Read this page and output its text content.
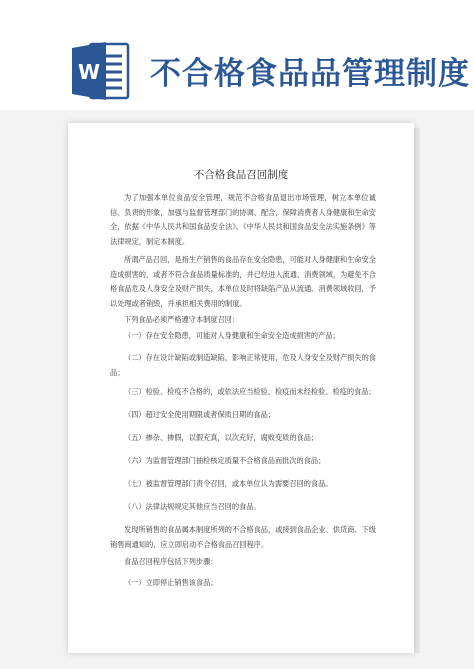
W 不合格食品品管理制度
不合格食品召回制度
为了加强本单位食品安全管理，规范不合格食品退出市场管理，树立本单位诚信、负责的形象，加强与监督管理部门的协调、配合，保障消费者人身健康和生命安全，依据《中华人民共和国食品安全法》、《中华人民共和国食品安全法实施条例》等法律规定，制定本制度。
所谓产品召回，是指生产销售的食品存在安全隐患，可能对人身健康和生命安全造成损害的，或者不符合食品质量标准的，并已经进入流通、消费领域，为避免不合格食品危及人身安全及财产损失，本单位及时将缺陷产品从流通、消费领域收回，予以处理或者销毁，并承担相关费用的制度。
下列食品必须严格遵守本制度召回：
（一）存在安全隐患，可能对人身健康和生命安全造成损害的产品；
（二）存在设计缺陷或制造缺陷，影响正常使用，危及人身安全及财产损失的食品；
（三）检验、检疫不合格的，或依法应当检验、检疫而未经检验、检疫的食品；
（四）超过安全使用期限或者保质日期的食品；
（五）掺杂、掺假，以假充真，以次充好，腐败变质的食品；
（六）为监督管理部门抽检核定质量不合格食品而批次的食品；
（七）被监督管理部门责令召回，或本单位认为需要召回的食品。
（八）法律法规规定其他应当召回的食品。
发现所销售的食品属本制度所列的不合格食品，或接到食品企业、供货商、下级销售商通知的，应立即启动不合格食品召回程序。
食品召回程序包括下列步骤：
（一）立即停止销售该食品；
